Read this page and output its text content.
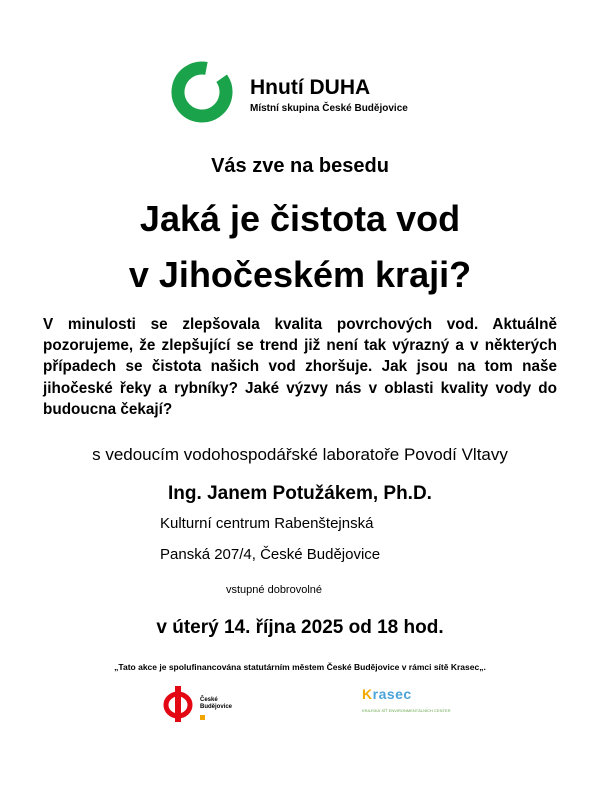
Hnutí DUHA
Místní skupina České Budějovice
Vás zve na besedu
Jaká je čistota vod
v Jihočeském kraji?

V minulosti se zlepšovala kvalita povrchových vod. Aktuálně pozorujeme, že zlepšující se trend již není tak výrazný a v některých případech se čistota našich vod zhoršuje. Jak jsou na tom naše jihočeské řeky a rybníky? Jaké výzvy nás v oblasti kvality vody do budoucna čekají?

s vedoucím vodohospodářské laboratoře Povodí Vltavy
Ing. Janem Potužákem, Ph.D.
Kulturní centrum Rabenštejnská
Panská 207/4, České Budějovice
vstupné dobrovolné
v úterý 14. října 2025 od 18 hod.
„Tato akce je spolufinancována statutárním městem České Budějovice v rámci sítě Krasec„.
České
Budějovice
Krasec
KRAJSKÁ SÍŤ ENVIRONMENTÁLNÍCH CENTER
